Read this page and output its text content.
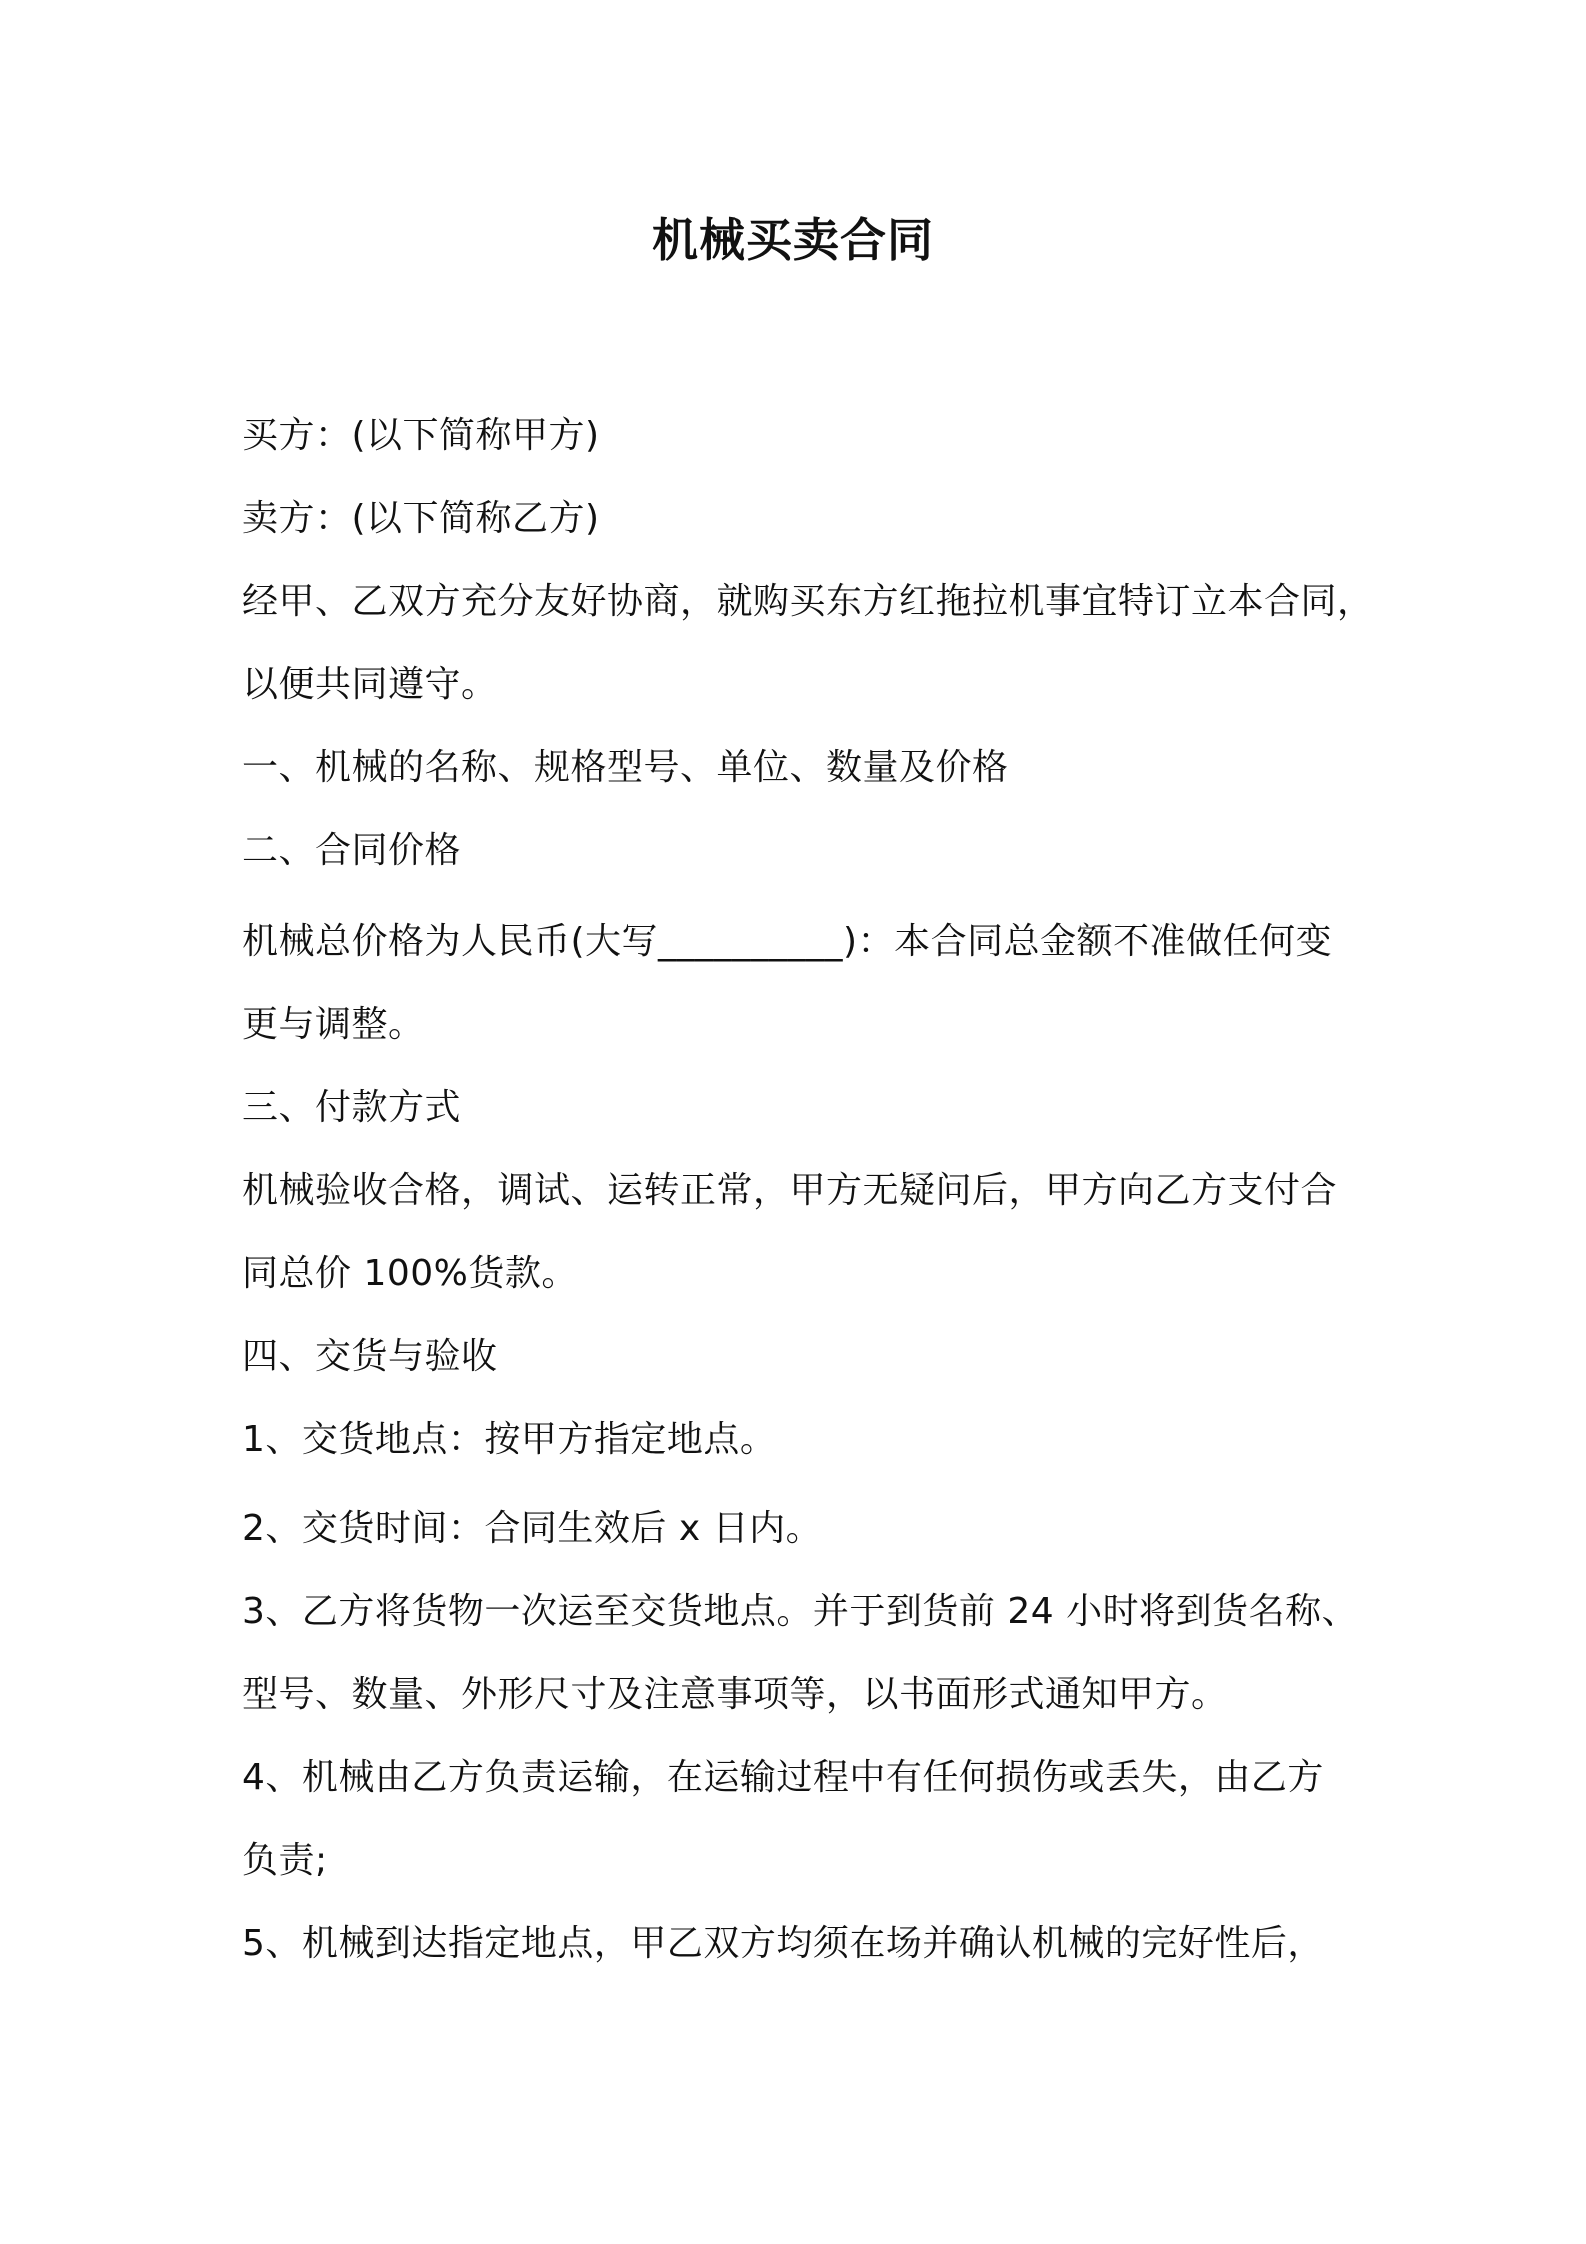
机械买卖合同
买方：(以下简称甲方)
卖方：(以下简称乙方)
经甲、乙双方充分友好协商，就购买东方红拖拉机事宜特订立本合同，
以便共同遵守。
一、机械的名称、规格型号、单位、数量及价格
二、合同价格
机械总价格为人民币(大写__________)：本合同总金额不准做任何变
更与调整。
三、付款方式
机械验收合格，调试、运转正常，甲方无疑问后，甲方向乙方支付合
同总价 100%货款。
四、交货与验收
1、交货地点：按甲方指定地点。
2、交货时间：合同生效后 x 日内。
3、乙方将货物一次运至交货地点。并于到货前 24 小时将到货名称、
型号、数量、外形尺寸及注意事项等，以书面形式通知甲方。
4、机械由乙方负责运输，在运输过程中有任何损伤或丢失，由乙方
负责;
5、机械到达指定地点，甲乙双方均须在场并确认机械的完好性后，
